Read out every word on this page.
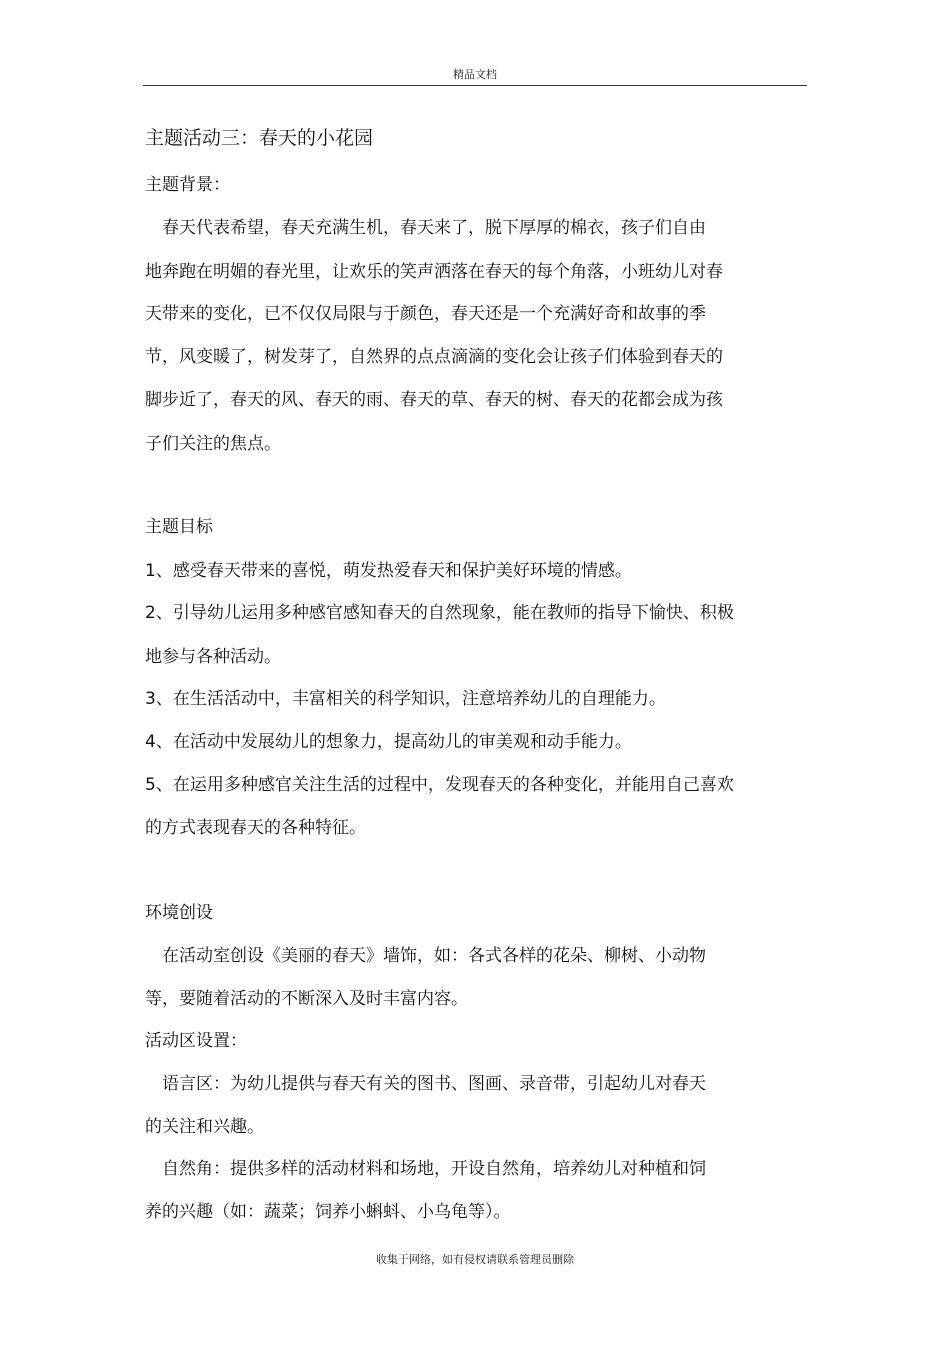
精品文档
主题活动三：春天的小花园
主题背景：
　春天代表希望，春天充满生机，春天来了，脱下厚厚的棉衣，孩子们自由
地奔跑在明媚的春光里，让欢乐的笑声洒落在春天的每个角落，小班幼儿对春
天带来的变化，已不仅仅局限与于颜色，春天还是一个充满好奇和故事的季
节，风变暖了，树发芽了，自然界的点点滴滴的变化会让孩子们体验到春天的
脚步近了，春天的风、春天的雨、春天的草、春天的树、春天的花都会成为孩
子们关注的焦点。
主题目标
1、感受春天带来的喜悦，萌发热爱春天和保护美好环境的情感。
2、引导幼儿运用多种感官感知春天的自然现象，能在教师的指导下愉快、积极
地参与各种活动。
3、在生活活动中，丰富相关的科学知识，注意培养幼儿的自理能力。
4、在活动中发展幼儿的想象力，提高幼儿的审美观和动手能力。
5、在运用多种感官关注生活的过程中，发现春天的各种变化，并能用自己喜欢
的方式表现春天的各种特征。
环境创设
　在活动室创设《美丽的春天》墙饰，如：各式各样的花朵、柳树、小动物
等，要随着活动的不断深入及时丰富内容。
活动区设置：
　语言区：为幼儿提供与春天有关的图书、图画、录音带，引起幼儿对春天
的关注和兴趣。
　自然角：提供多样的活动材料和场地，开设自然角，培养幼儿对种植和饲
养的兴趣（如：蔬菜；饲养小蝌蚪、小乌龟等）。
收集于网络，如有侵权请联系管理员删除
